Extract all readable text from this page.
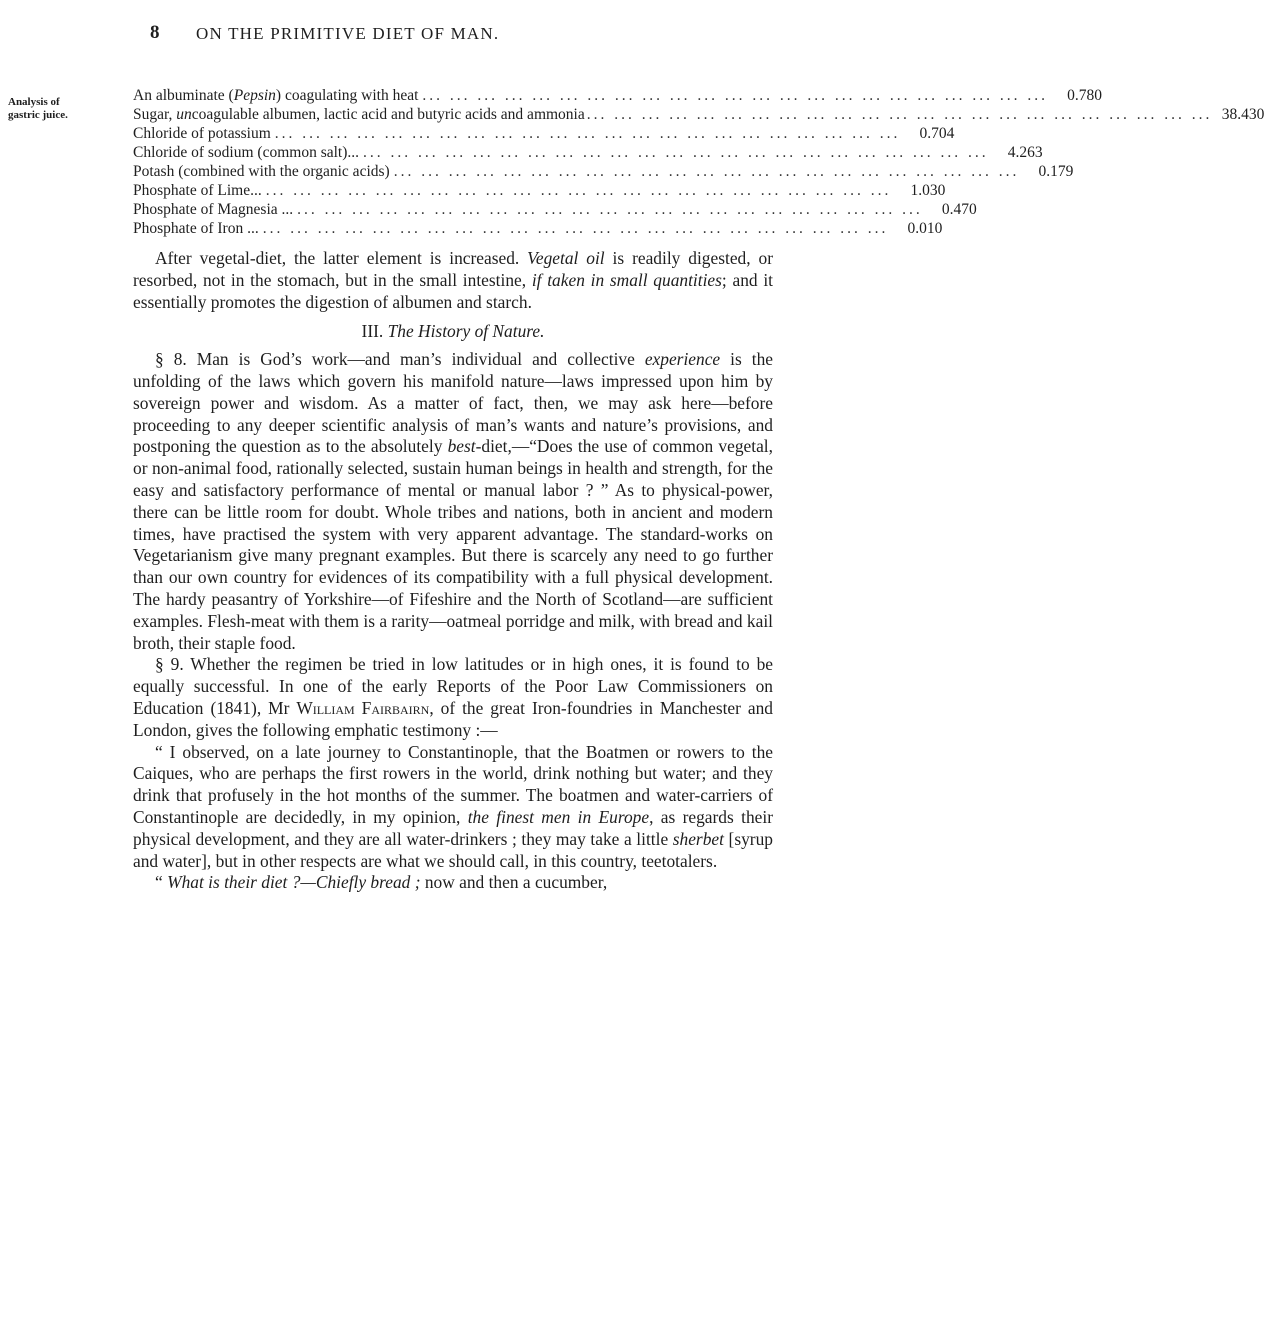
8 ON THE PRIMITIVE DIET OF MAN.
Analysis of
gastric juice.
An albuminate (Pepsin) coagulating with heat ... .	0.780
Sugar, uncoagulable albumen, lactic acid and butyric acids and ammonia ... .	38.430
Chloride of potassium ... .	0.704
Chloride of sodium (common salt)... ... .	4.263
Potash (combined with the organic acids) ... .	0.179
Phosphate of Lime... ... .	1.030
Phosphate of Magnesia ... ... .	0.470
Phosphate of Iron ... ... .	0.010

After vegetal-diet, the latter element is increased. Vegetal oil is readily digested, or resorbed, not in the stomach, but in the small intestine, if taken in small quantities; and it essentially promotes the digestion of albumen and starch.

III. The History of Nature.

§ 8. Man is God’s work—and man’s individual and collective experience is the unfolding of the laws which govern his manifold nature—laws impressed upon him by sovereign power and wisdom. As a matter of fact, then, we may ask here—before proceeding to any deeper scientific analysis of man’s wants and nature’s provisions, and postponing the question as to the absolutely best-diet,—“Does the use of common vegetal, or non-animal food, rationally selected, sustain human beings in health and strength, for the easy and satisfactory performance of mental or manual labor ? ” As to physical-power, there can be little room for doubt. Whole tribes and nations, both in ancient and modern times, have practised the system with very apparent advantage. The standard-works on Vegetarianism give many pregnant examples. But there is scarcely any need to go further than our own country for evidences of its compatibility with a full physical development. The hardy peasantry of Yorkshire—of Fifeshire and the North of Scotland—are sufficient examples. Flesh-meat with them is a rarity—oatmeal porridge and milk, with bread and kail broth, their staple food.

§ 9. Whether the regimen be tried in low latitudes or in high ones, it is found to be equally successful. In one of the early Reports of the Poor Law Commissioners on Education (1841), Mr William Fairbairn, of the great Iron-foundries in Manchester and London, gives the following emphatic testimony :—

“ I observed, on a late journey to Constantinople, that the Boatmen or rowers to the Caiques, who are perhaps the first rowers in the world, drink nothing but water; and they drink that profusely in the hot months of the summer. The boatmen and water-carriers of Constantinople are decidedly, in my opinion, the finest men in Europe, as regards their physical development, and they are all water-drinkers ; they may take a little sherbet [syrup and water], but in other respects are what we should call, in this country, teetotalers.

“ What is their diet ?—Chiefly bread ; now and then a cucumber,
